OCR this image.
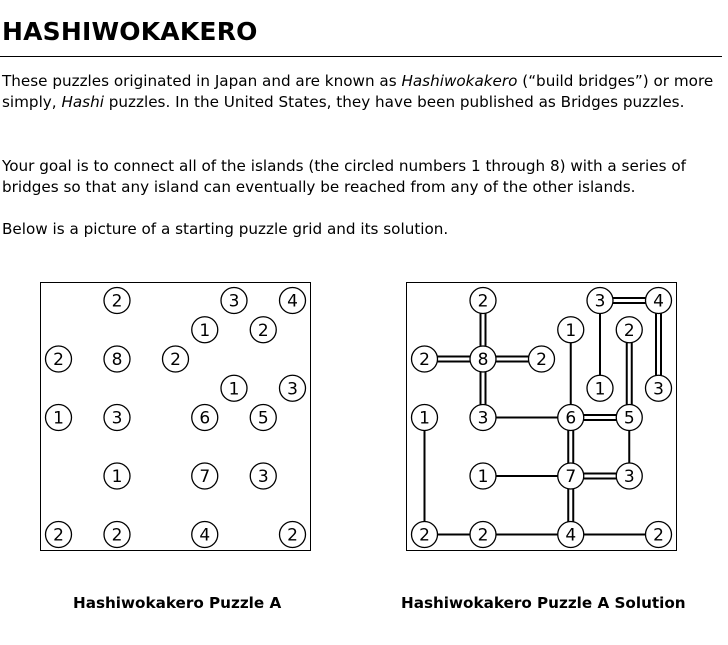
HASHIWOKAKERO

These puzzles originated in Japan and are known as Hashiwokakero (“build bridges”) or more simply, Hashi puzzles. In the United States, they have been published as Bridges puzzles.

Your goal is to connect all of the islands (the circled numbers 1 through 8) with a series of bridges so that any island can eventually be reached from any of the other islands.

Below is a picture of a starting puzzle grid and its solution.

2	3	4
1	2
2	8	2
1	3
1	3	6	5
1	7	3
2	2	4	2
2	3	4
1	2
2	8	2
1	3
1	3	6	5
1	7	3
2	2	4	2

Hashiwokakero Puzzle A	Hashiwokakero Puzzle A Solution
